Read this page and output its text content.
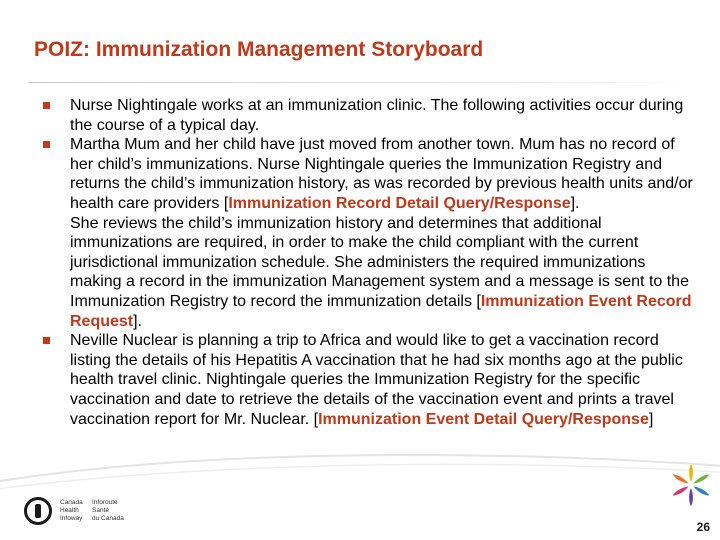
POIZ: Immunization Management Storyboard
Nurse Nightingale works at an immunization clinic. The following activities occur during the course of a typical day.
Martha Mum and her child have just moved from another town. Mum has no record of her child’s immunizations. Nurse Nightingale queries the Immunization Registry and returns the child’s immunization history, as was recorded by previous health units and/or health care providers [Immunization Record Detail Query/Response].
She reviews the child’s immunization history and determines that additional immunizations are required, in order to make the child compliant with the current jurisdictional immunization schedule. She administers the required immunizations making a record in the immunization Management system and a message is sent to the Immunization Registry to record the immunization details [Immunization Event Record Request].
Neville Nuclear is planning a trip to Africa and would like to get a vaccination record listing the details of his Hepatitis A vaccination that he had six months ago at the public health travel clinic. Nightingale queries the Immunization Registry for the specific vaccination and date to retrieve the details of the vaccination event and prints a travel vaccination report for Mr. Nuclear. [Immunization Event Detail Query/Response]
Canada
Health
Infoway
Inforoute
Santé
du Canada
26
